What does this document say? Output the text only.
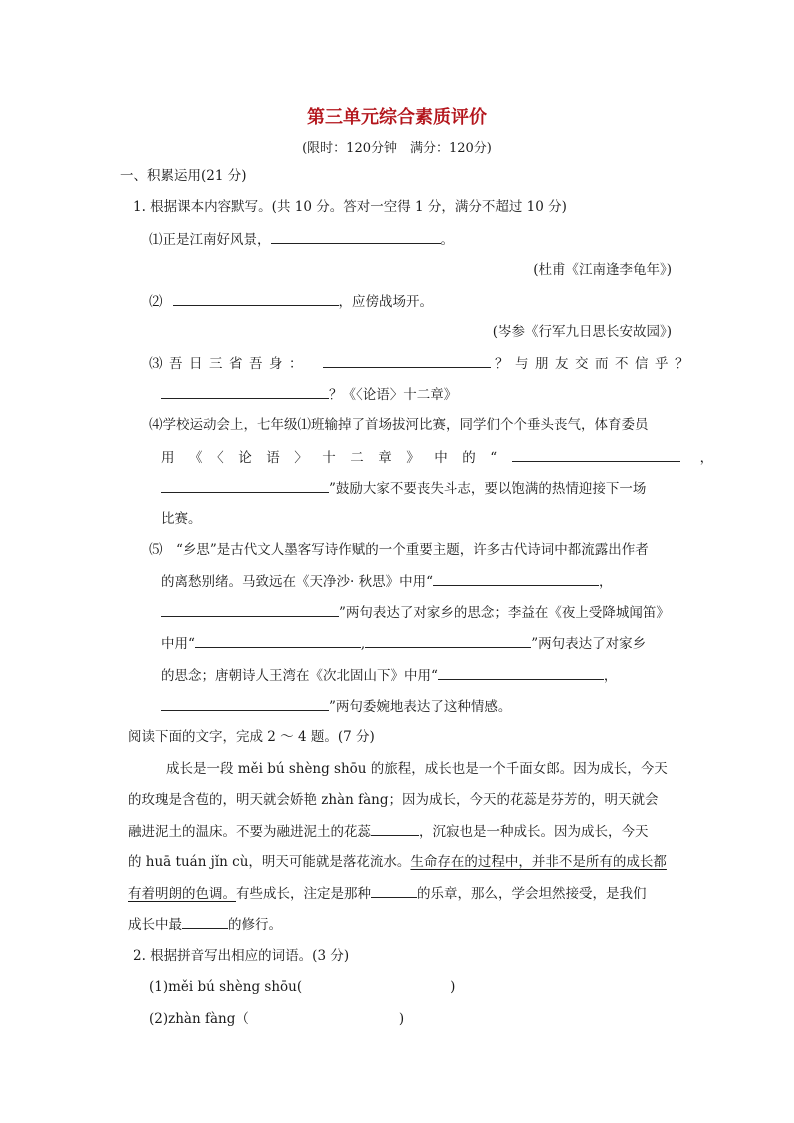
第三单元综合素质评价
(限时：120分钟　满分：120分)
一、积累运用(21 分)
1. 根据课本内容默写。(共 10 分。答对一空得 1 分，满分不超过 10 分)
⑴正是江南好风景，	。
(杜甫《江南逢李龟年》)
⑵	，应傍战场开。
(岑参《行军九日思长安故园》)
⑶吾日三省吾身：	？与朋友交而不信乎？
？《〈论语〉十二章》
⑷学校运动会上，七年级⑴班输掉了首场拔河比赛，同学们个个垂头丧气，体育委员
用《〈论语〉十二章》中的“	，
”鼓励大家不要丧失斗志，要以饱满的热情迎接下一场
比赛。
⑸　“乡思”是古代文人墨客写诗作赋的一个重要主题，许多古代诗词中都流露出作者
的离愁别绪。马致远在《天净沙· 秋思》中用“	，
”两句表达了对家乡的思念；李益在《夜上受降城闻笛》
中用“	,	”两句表达了对家乡
的思念；唐朝诗人王湾在《次北固山下》中用“	，
”两句委婉地表达了这种情感。
阅读下面的文字，完成 2 ～ 4 题。(7 分)
成长是一段 měi bú shèng shōu 的旅程，成长也是一个千面女郎。因为成长，今天
的玫瑰是含苞的，明天就会娇艳 zhàn fàng；因为成长，今天的花蕊是芬芳的，明天就会
融进泥土的温床。不要为融进泥土的花蕊	，沉寂也是一种成长。因为成长，今天
的 huā tuán jǐn cù，明天可能就是落花流水。生命存在的过程中，并非不是所有的成长都
有着明朗的色调。有些成长，注定是那种	的乐章，那么，学会坦然接受，是我们
成长中最	的修行。
2. 根据拼音写出相应的词语。(3 分)
(1)měi bú shèng shōu(	)
(2)zhàn fàng（	)
